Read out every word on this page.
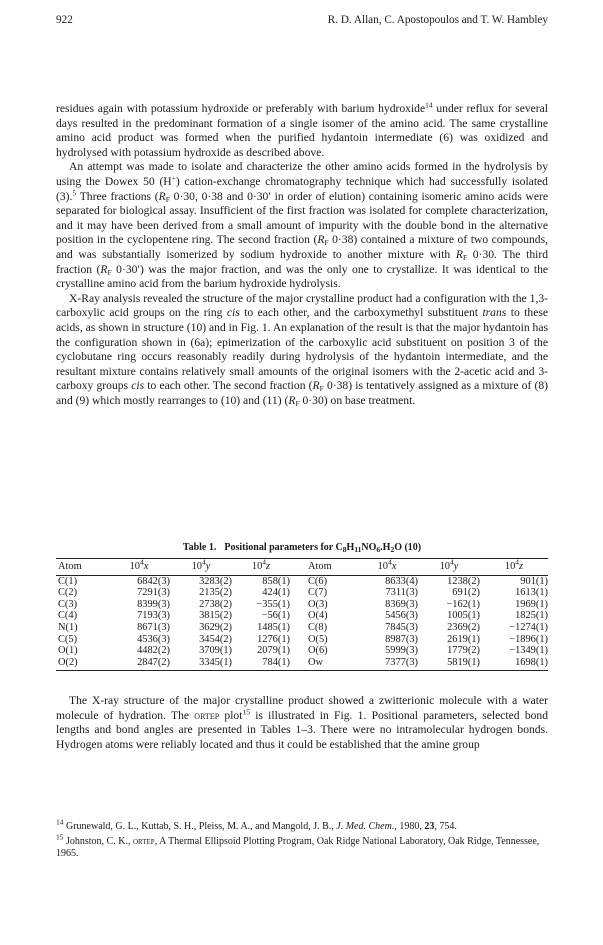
922	R. D. Allan, C. Apostopoulos and T. W. Hambley

residues again with potassium hydroxide or preferably with barium hydroxide$^{14}$ under reflux for several days resulted in the predominant formation of a single isomer of the amino acid. The same crystalline amino acid product was formed when the purified hydantoin intermediate (6) was oxidized and hydrolysed with potassium hydroxide as described above.

An attempt was made to isolate and characterize the other amino acids formed in the hydrolysis by using the Dowex 50 (H+) cation-exchange chromatography technique which had successfully isolated (3).$^5$ Three fractions ($R_F$ 0·30, 0·38 and 0·30′ in order of elution) containing isomeric amino acids were separated for biological assay. Insufficient of the first fraction was isolated for complete characterization, and it may have been derived from a small amount of impurity with the double bond in the alternative position in the cyclopentene ring. The second fraction ($R_F$ 0·38) contained a mixture of two compounds, and was substantially isomerized by sodium hydroxide to another mixture with $R_F$ 0·30. The third fraction ($R_F$ 0·30′) was the major fraction, and was the only one to crystallize. It was identical to the crystalline amino acid from the barium hydroxide hydrolysis.

X-Ray analysis revealed the structure of the major crystalline product had a configuration with the 1,3-carboxylic acid groups on the ring cis to each other, and the carboxymethyl substituent trans to these acids, as shown in structure (10) and in Fig. 1. An explanation of the result is that the major hydantoin has the configuration shown in (6a); epimerization of the carboxylic acid substituent on position 3 of the cyclobutane ring occurs reasonably readily during hydrolysis of the hydantoin intermediate, and the resultant mixture contains relatively small amounts of the original isomers with the 2-acetic acid and 3-carboxy groups cis to each other. The second fraction ($R_F$ 0·38) is tentatively assigned as a mixture of (8) and (9) which mostly rearranges to (10) and (11) ($R_F$ 0·30) on base treatment.

Table 1. Positional parameters for $C_8H_{11}NO_6.H_2O$ (10)
Atom	$10^4x$	$10^4y$	$10^4z$		Atom	$10^4x$	$10^4y$	$10^4z$
C(1)	6842(3)	3283(2)	858(1)		C(6)	8633(4)	1238(2)	901(1)
C(2)	7291(3)	2135(2)	424(1)		C(7)	7311(3)	691(2)	1613(1)
C(3)	8399(3)	2738(2)	−355(1)		O(3)	8369(3)	−162(1)	1969(1)
C(4)	7193(3)	3815(2)	−56(1)		O(4)	5456(3)	1005(1)	1825(1)
N(1)	8671(3)	3629(2)	1485(1)		C(8)	7845(3)	2369(2)	−1274(1)
C(5)	4536(3)	3454(2)	1276(1)		O(5)	8987(3)	2619(1)	−1896(1)
O(1)	4482(2)	3709(1)	2079(1)		O(6)	5999(3)	1779(2)	−1349(1)
O(2)	2847(2)	3345(1)	784(1)		Ow	7377(3)	5819(1)	1698(1)

The X-ray structure of the major crystalline product showed a zwitterionic molecule with a water molecule of hydration. The ortep plot$^{15}$ is illustrated in Fig. 1. Positional parameters, selected bond lengths and bond angles are presented in Tables 1–3. There were no intramolecular hydrogen bonds. Hydrogen atoms were reliably located and thus it could be established that the amine group

$^{14}$ Grunewald, G. L., Kuttab, S. H., Pleiss, M. A., and Mangold, J. B., J. Med. Chem., 1980, 23, 754.

$^{15}$ Johnston, C. K., ortep, A Thermal Ellipsoid Plotting Program, Oak Ridge National Laboratory, Oak Ridge, Tennessee, 1965.
